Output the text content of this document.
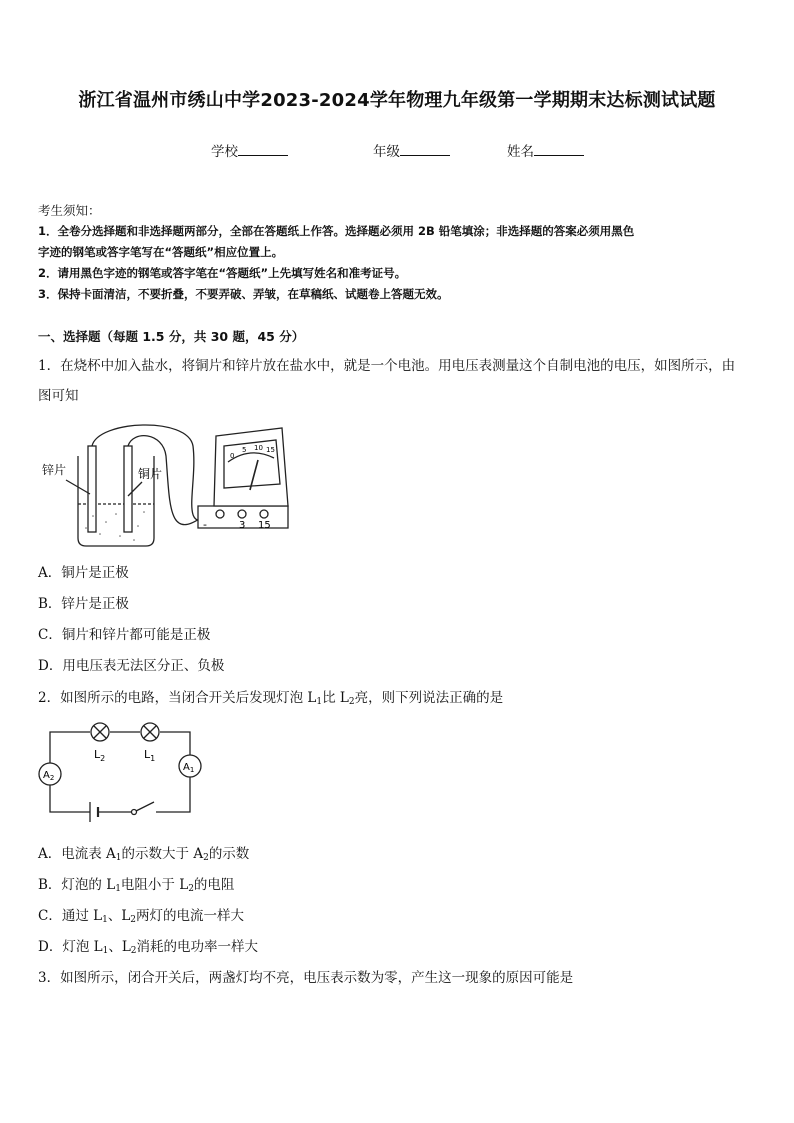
浙江省温州市绣山中学2023-2024学年物理九年级第一学期期末达标测试试题
学校	年级	姓名
考生须知：
1．全卷分选择题和非选择题两部分，全部在答题纸上作答。选择题必须用 2B 铅笔填涂；非选择题的答案必须用黑色
字迹的钢笔或答字笔写在“答题纸”相应位置上。
2．请用黑色字迹的钢笔或答字笔在“答题纸”上先填写姓名和准考证号。
3．保持卡面清洁，不要折叠，不要弄破、弄皱，在草稿纸、试题卷上答题无效。
一、选择题（每题 1.5 分，共 30 题，45 分）
1．在烧杯中加入盐水，将铜片和锌片放在盐水中，就是一个电池。用电压表测量这个自制电池的电压，如图所示，由
图可知
锌片	铜片
0
5 10 15
-	3 15
A．铜片是正极
B．锌片是正极
C．铜片和锌片都可能是正极
D．用电压表无法区分正、负极
2．如图所示的电路，当闭合开关后发现灯泡 $L_1$比 $L_2$亮，则下列说法正确的是
$L_2$	$L_1$
$A_2$
$A_1$
A．电流表 $A_1$的示数大于 $A_2$的示数
B．灯泡的 $L_1$电阻小于 $L_2$的电阻
C．通过 $L_1$、$L_2$两灯的电流一样大
D．灯泡 $L_1$、$L_2$消耗的电功率一样大
3．如图所示，闭合开关后，两盏灯均不亮，电压表示数为零，产生这一现象的原因可能是
